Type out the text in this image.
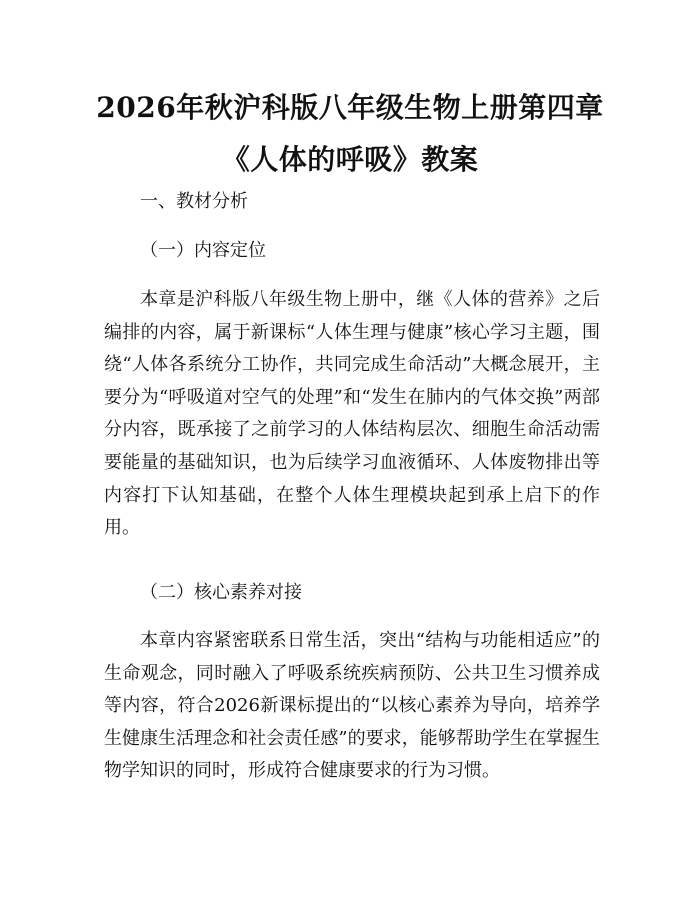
2026年秋沪科版八年级生物上册第四章《人体的呼吸》教案
一、教材分析
（一）内容定位

本章是沪科版八年级生物上册中，继《人体的营养》之后编排的内容，属于新课标“人体生理与健康”核心学习主题，围绕“人体各系统分工协作，共同完成生命活动”大概念展开，主要分为“呼吸道对空气的处理”和“发生在肺内的气体交换”两部分内容，既承接了之前学习的人体结构层次、细胞生命活动需要能量的基础知识，也为后续学习血液循环、人体废物排出等内容打下认知基础，在整个人体生理模块起到承上启下的作用。

（二）核心素养对接

本章内容紧密联系日常生活，突出“结构与功能相适应”的生命观念，同时融入了呼吸系统疾病预防、公共卫生习惯养成等内容，符合2026新课标提出的“以核心素养为导向，培养学生健康生活理念和社会责任感”的要求，能够帮助学生在掌握生物学知识的同时，形成符合健康要求的行为习惯。
